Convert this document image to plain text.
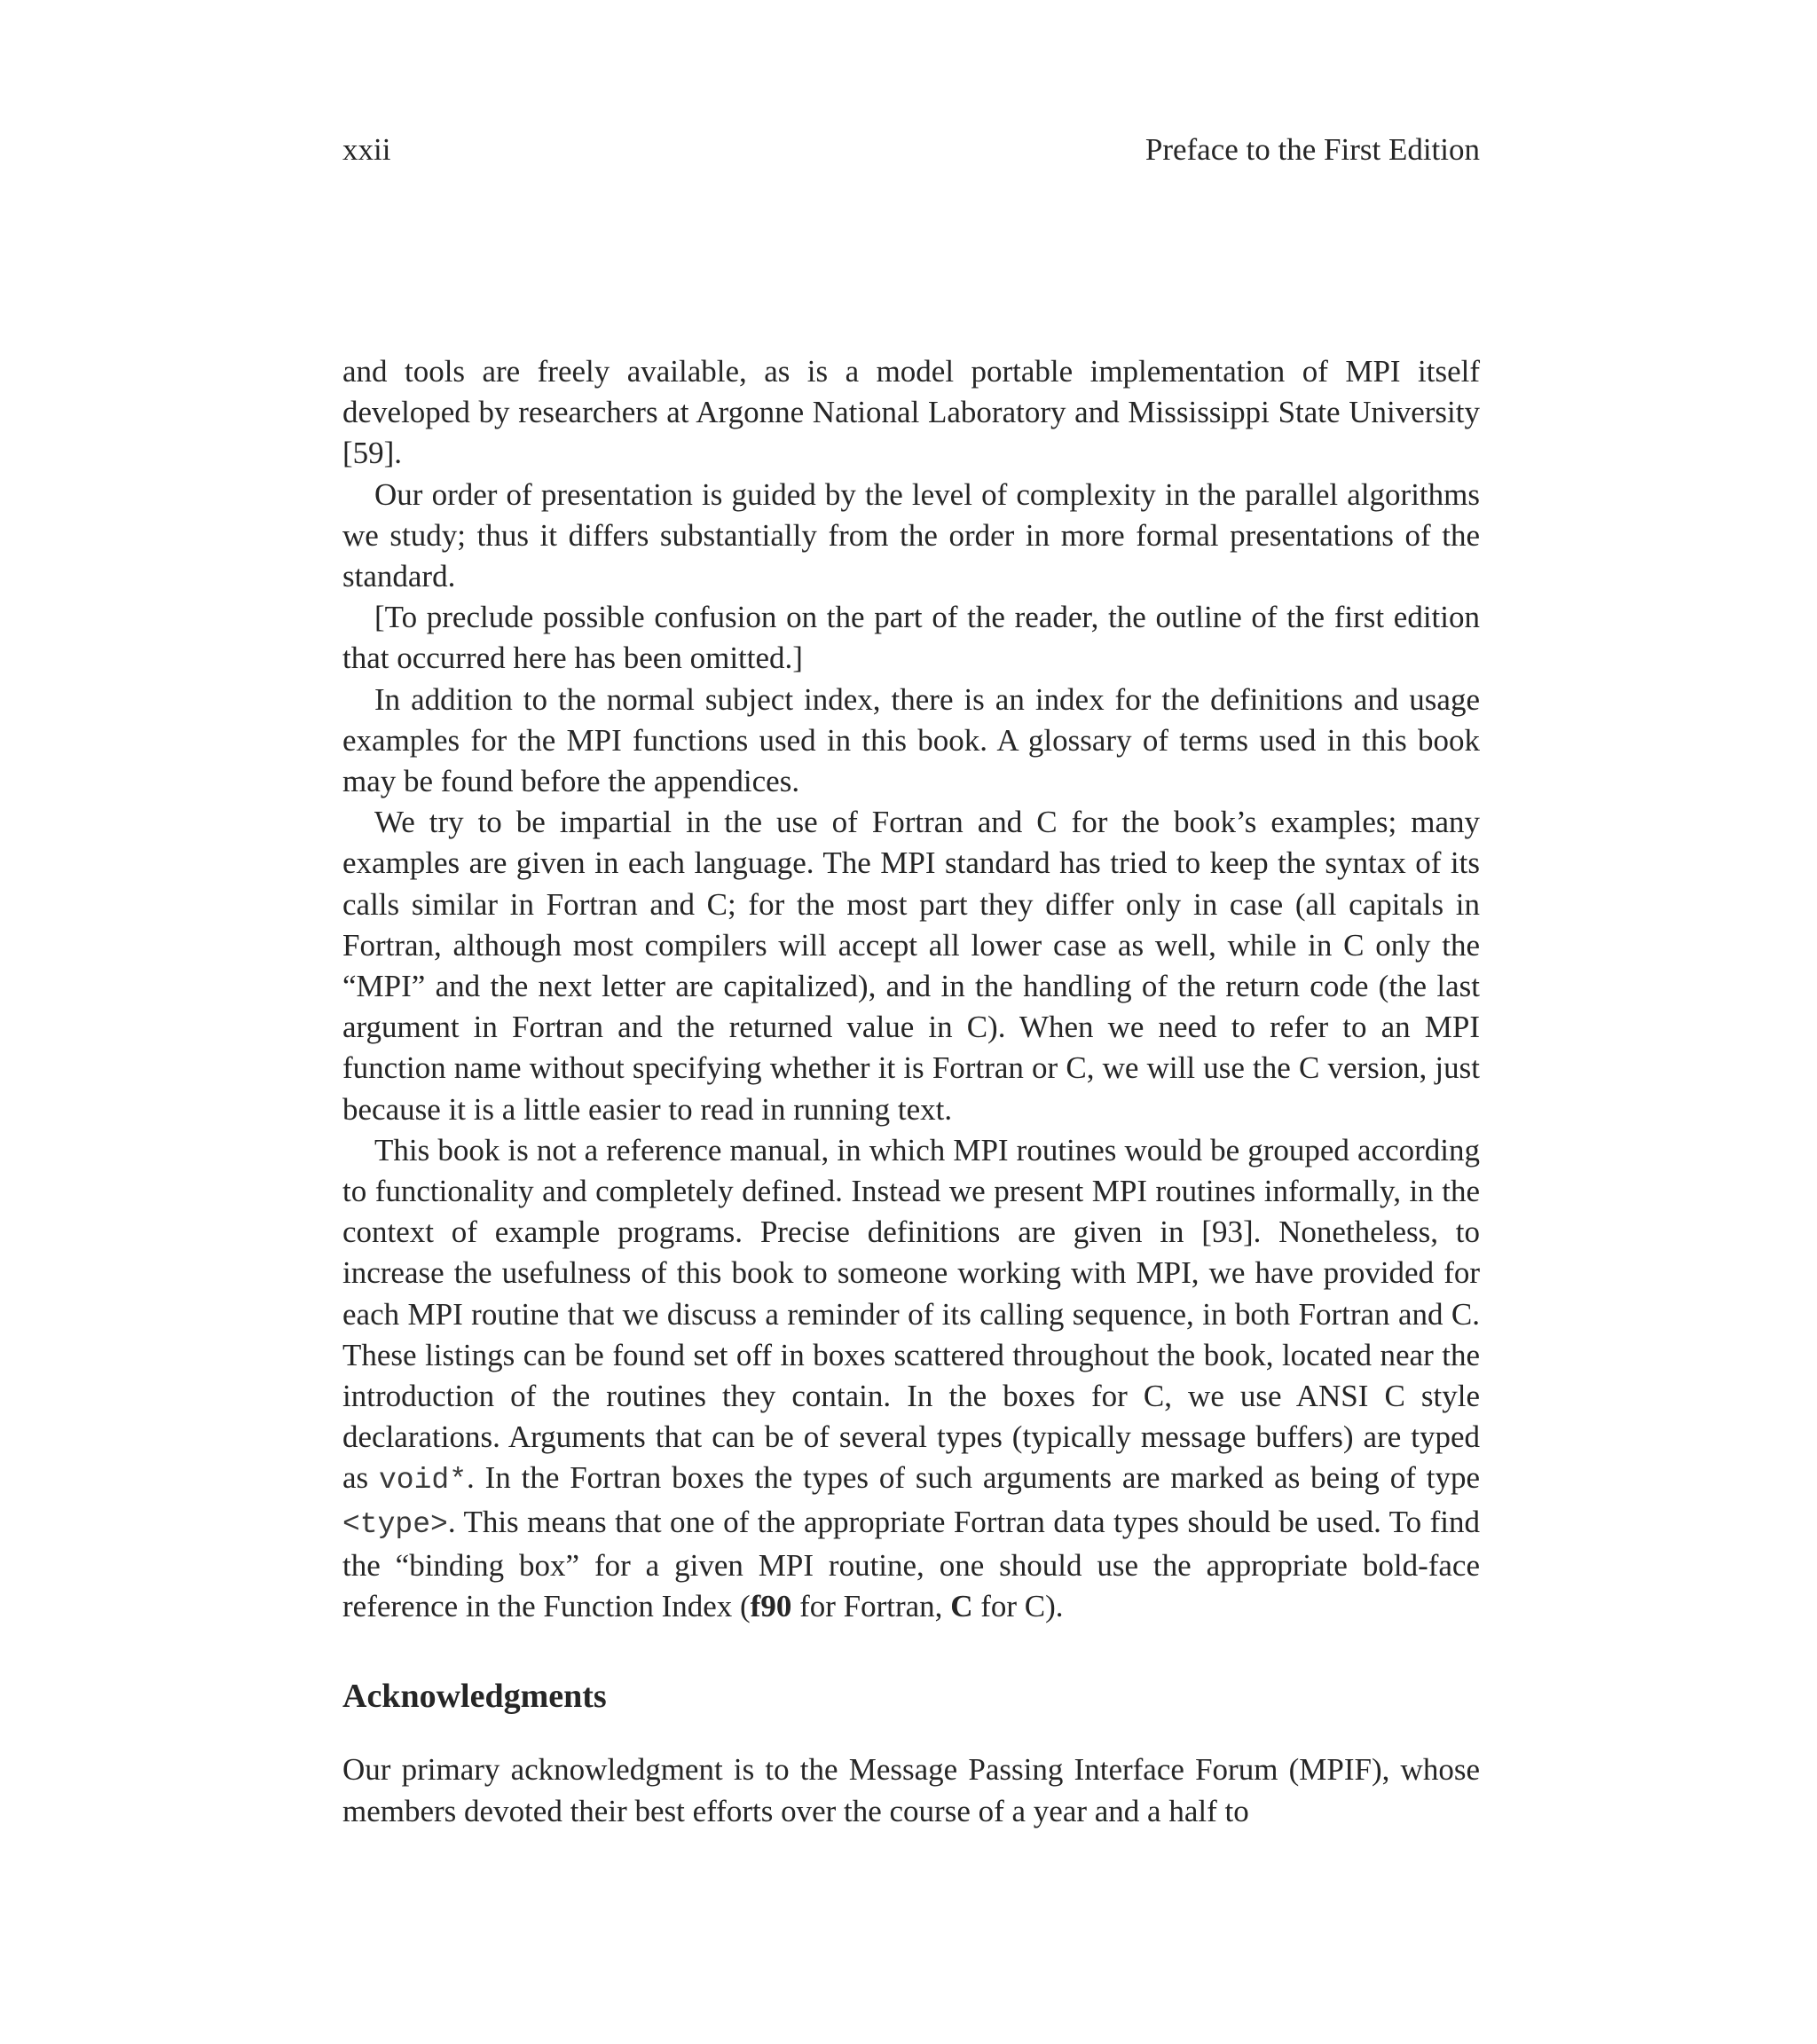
xxii	Preface to the First Edition

and tools are freely available, as is a model portable implementation of MPI itself developed by researchers at Argonne National Laboratory and Mississippi State University [59].

Our order of presentation is guided by the level of complexity in the parallel algorithms we study; thus it differs substantially from the order in more formal presentations of the standard.

[To preclude possible confusion on the part of the reader, the outline of the first edition that occurred here has been omitted.]

In addition to the normal subject index, there is an index for the definitions and usage examples for the MPI functions used in this book. A glossary of terms used in this book may be found before the appendices.

We try to be impartial in the use of Fortran and C for the book’s examples; many examples are given in each language. The MPI standard has tried to keep the syntax of its calls similar in Fortran and C; for the most part they differ only in case (all capitals in Fortran, although most compilers will accept all lower case as well, while in C only the “MPI” and the next letter are capitalized), and in the handling of the return code (the last argument in Fortran and the returned value in C). When we need to refer to an MPI function name without specifying whether it is Fortran or C, we will use the C version, just because it is a little easier to read in running text.

This book is not a reference manual, in which MPI routines would be grouped according to functionality and completely defined. Instead we present MPI routines informally, in the context of example programs. Precise definitions are given in [93]. Nonetheless, to increase the usefulness of this book to someone working with MPI, we have provided for each MPI routine that we discuss a reminder of its calling sequence, in both Fortran and C. These listings can be found set off in boxes scattered throughout the book, located near the introduction of the routines they contain. In the boxes for C, we use ANSI C style declarations. Arguments that can be of several types (typically message buffers) are typed as void*. In the Fortran boxes the types of such arguments are marked as being of type <type>. This means that one of the appropriate Fortran data types should be used. To find the “binding box” for a given MPI routine, one should use the appropriate bold-face reference in the Function Index (f90 for Fortran, C for C).

Acknowledgments

Our primary acknowledgment is to the Message Passing Interface Forum (MPIF), whose members devoted their best efforts over the course of a year and a half to
